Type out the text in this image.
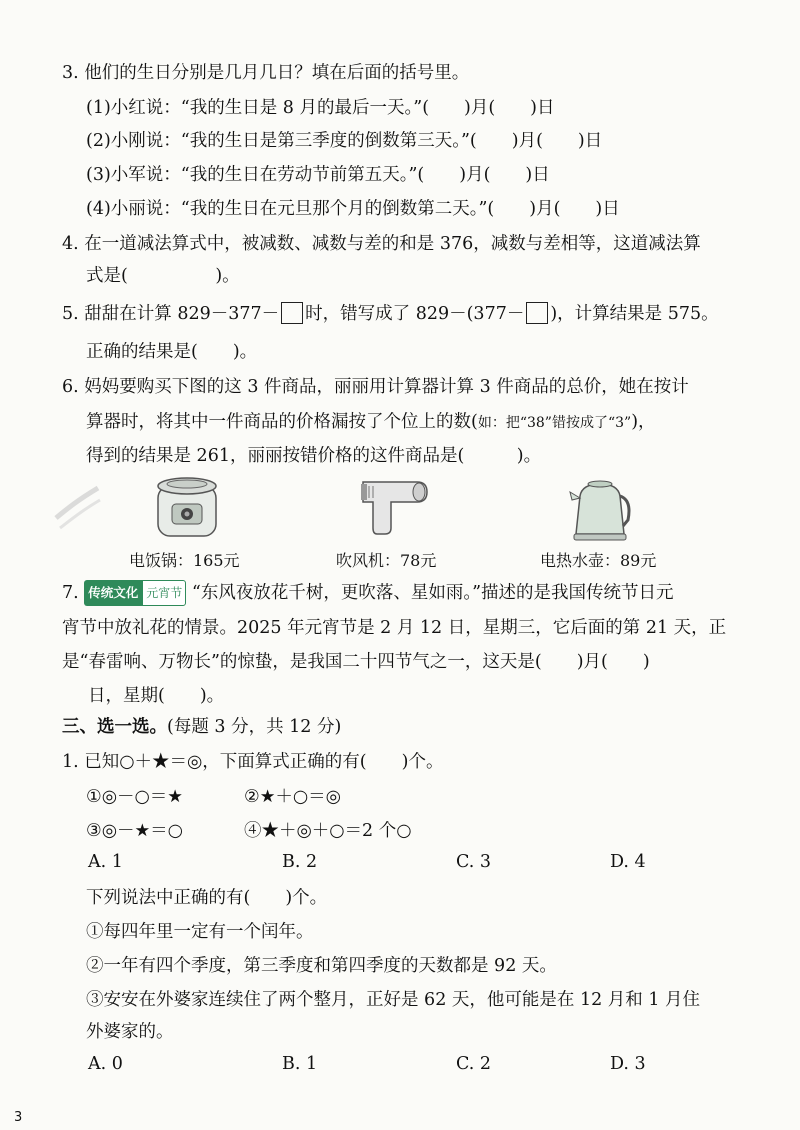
3. 他们的生日分别是几月几日？填在后面的括号里。
(1)小红说：“我的生日是 8 月的最后一天。”(　　)月(　　)日
(2)小刚说：“我的生日是第三季度的倒数第三天。”(　　)月(　　)日
(3)小军说：“我的生日在劳动节前第五天。”(　　)月(　　)日
(4)小丽说：“我的生日在元旦那个月的倒数第二天。”(　　)月(　　)日
4. 在一道减法算式中，被减数、减数与差的和是 376，减数与差相等，这道减法算
式是(　　　　　)。
5. 甜甜在计算 829－377－ 时，错写成了 829－(377－ )，计算结果是 575。
正确的结果是(　　)。
6. 妈妈要购买下图的这 3 件商品，丽丽用计算器计算 3 件商品的总价，她在按计
算器时，将其中一件商品的价格漏按了个位上的数(如：把“38”错按成了“3”)，
得到的结果是 261，丽丽按错价格的这件商品是(　　　)。
电饭锅：165元	吹风机：78元	电热水壶：89元
7. 传统文化 元宵节 “东风夜放花千树，更吹落、星如雨。”描述的是我国传统节日元
宵节中放礼花的情景。2025 年元宵节是 2 月 12 日，星期三，它后面的第 21 天，正
是“春雷响、万物长”的惊蛰，是我国二十四节气之一，这天是(　　)月(　　)
日，星期(　　)。
三、选一选。(每题 3 分，共 12 分)
1. 已知○＋★＝◎，下面算式正确的有(　　)个。
①◎－○＝★	②★＋○＝◎
③◎－★＝○	④★＋◎＋○＝2 个○
A. 1	B. 2	C. 3	D. 4
下列说法中正确的有(　　)个。
①每四年里一定有一个闰年。
②一年有四个季度，第三季度和第四季度的天数都是 92 天。
③安安在外婆家连续住了两个整月，正好是 62 天，他可能是在 12 月和 1 月住
外婆家的。
A. 0	B. 1	C. 2	D. 3
3
